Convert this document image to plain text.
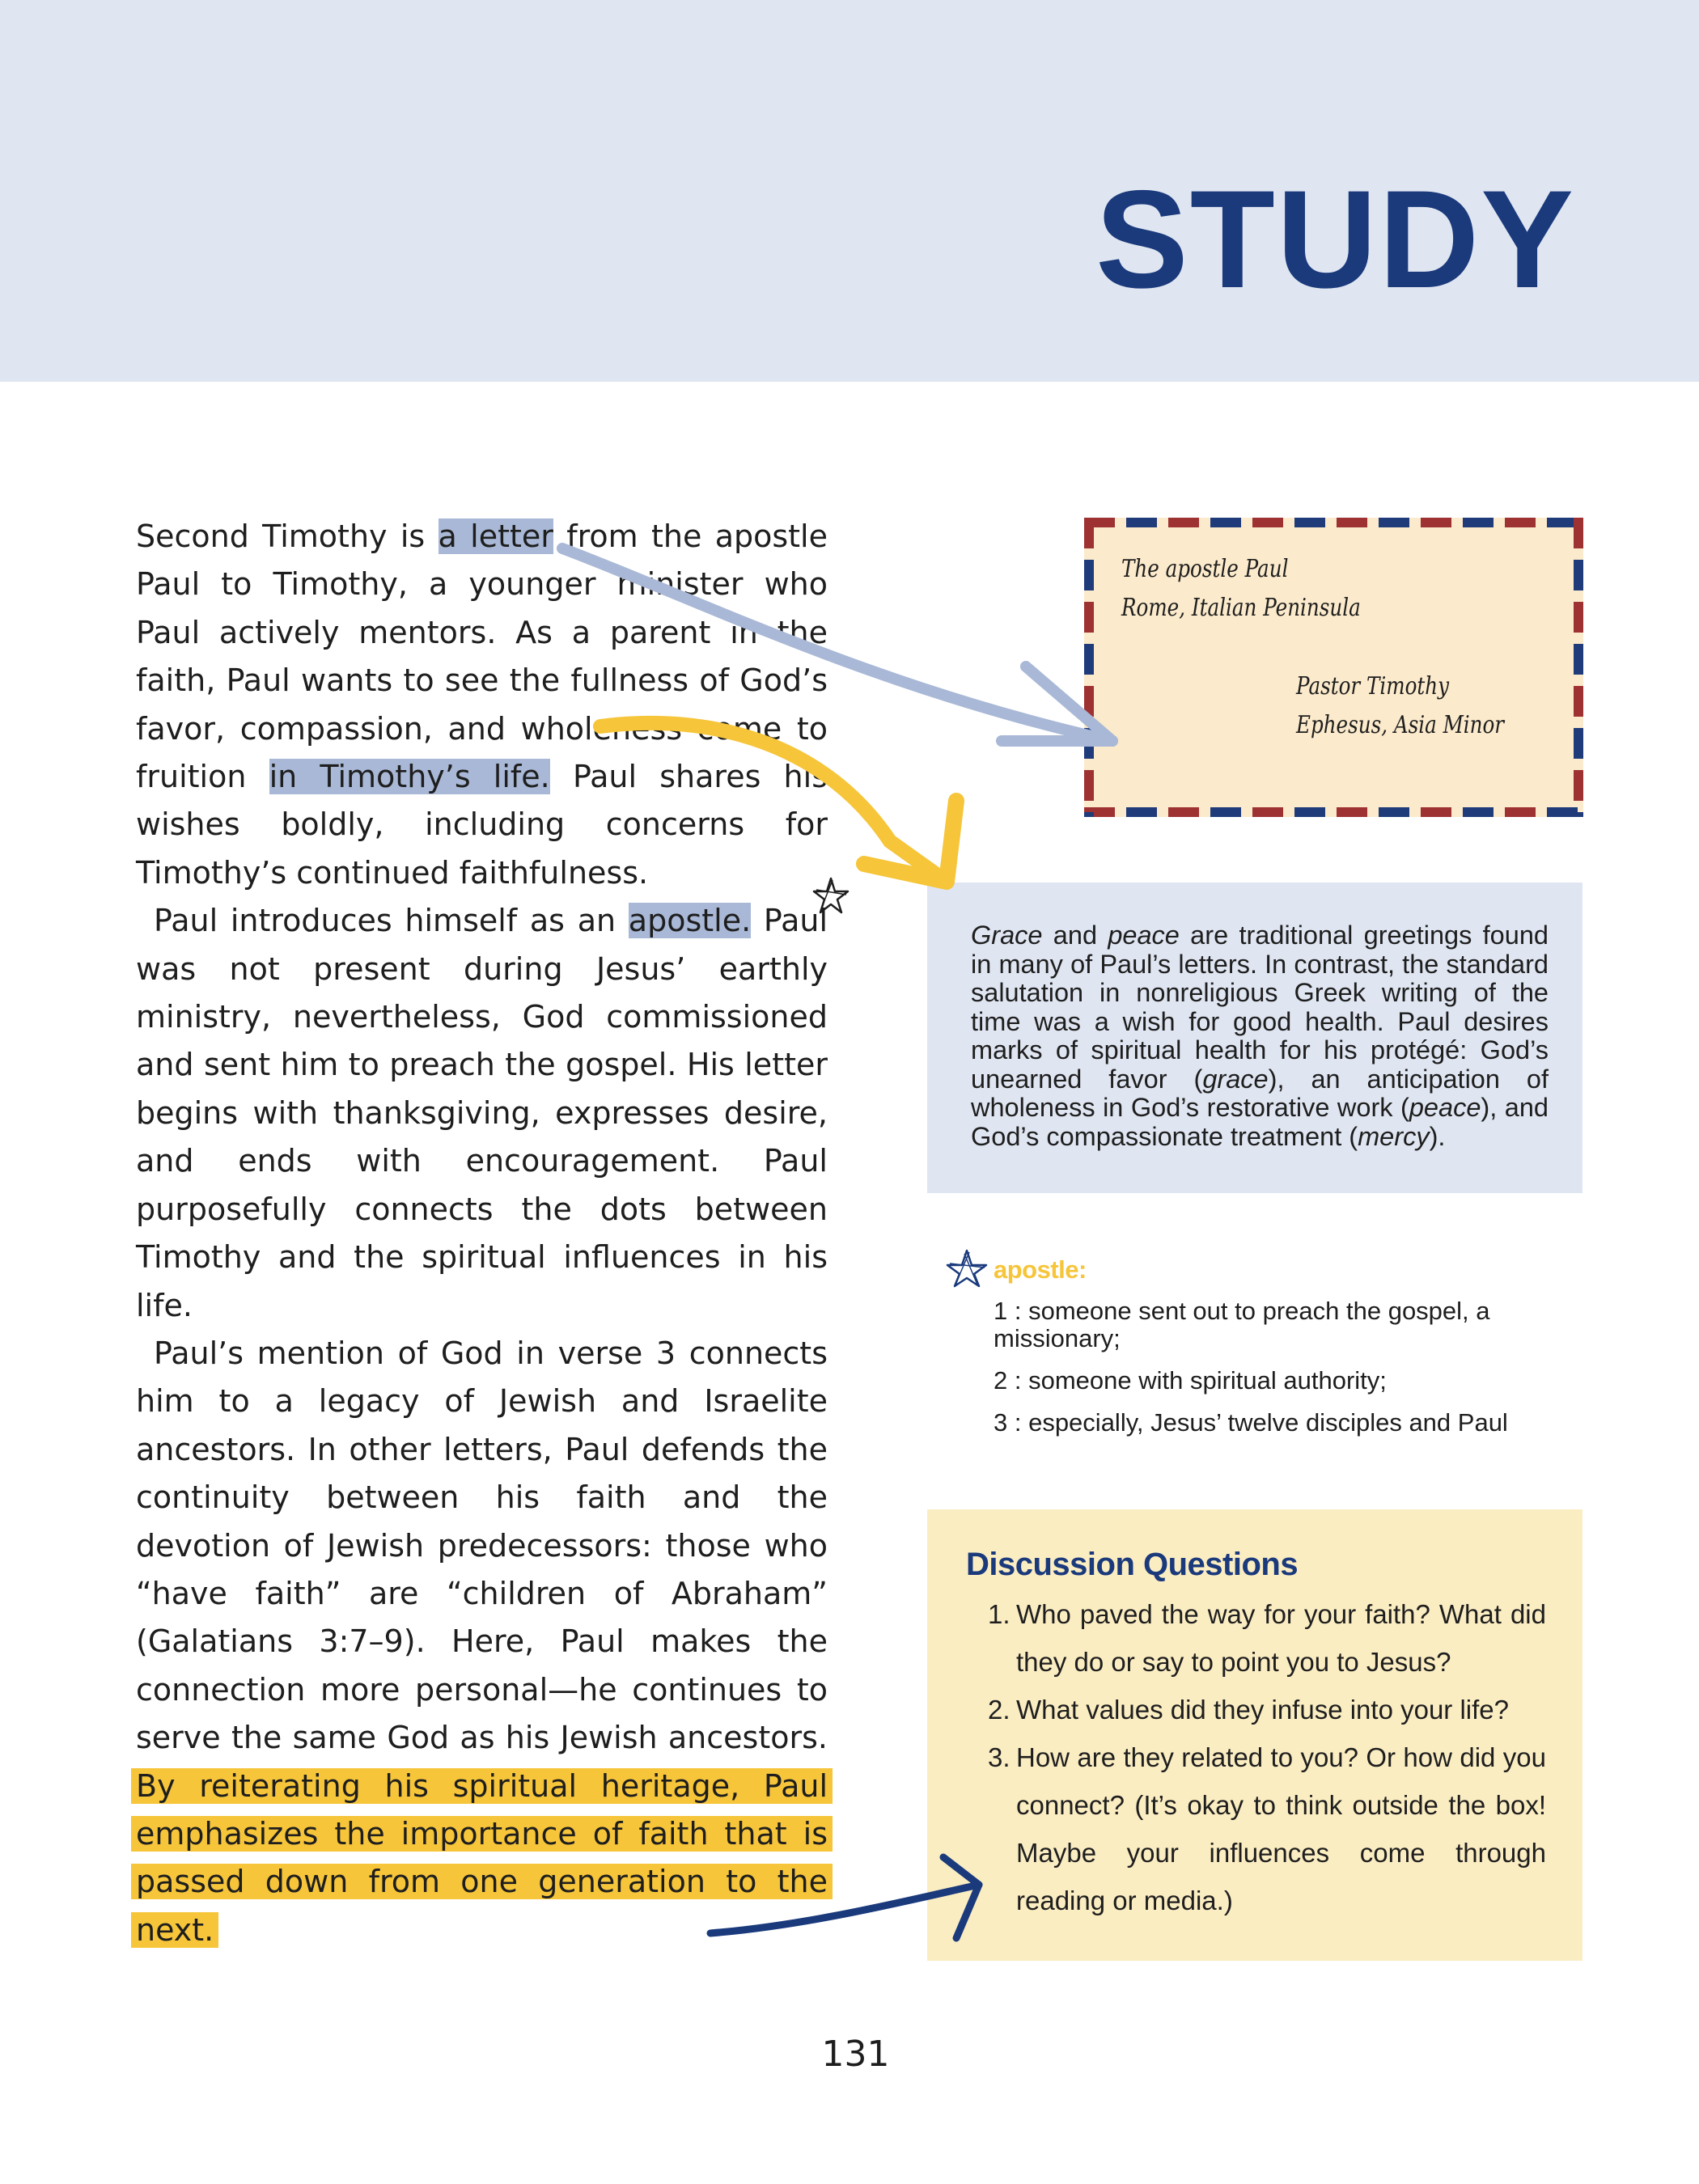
STUDY

Second Timothy is a letter from the apostle Paul to Timothy, a younger minister who Paul actively mentors. As a parent in the faith, Paul wants to see the fullness of God’s favor, compassion, and wholeness come to fruition in Timothy’s life. Paul shares his wishes boldly, including concerns for Timothy’s continued faithfulness.

Paul introduces himself as an apostle. Paul was not present during Jesus’ earthly ministry, nevertheless, God commissioned and sent him to preach the gospel. His letter begins with thanksgiving, expresses desire, and ends with encouragement. Paul purposefully connects the dots between Timothy and the spiritual influences in his life.

Paul’s mention of God in verse 3 connects him to a legacy of Jewish and Israelite ancestors. In other letters, Paul defends the continuity between his faith and the devotion of Jewish predecessors: those who “have faith” are “children of Abraham” (Galatians 3:7–9). Here, Paul makes the connection more personal—he continues to serve the same God as his Jewish ancestors. By reiterating his spiritual heritage, Paul emphasizes the importance of faith that is passed down from one generation to the next.

The apostle Paul
Rome, Italian Peninsula
Pastor Timothy
Ephesus, Asia Minor

Grace and peace are traditional greetings found in many of Paul’s letters. In contrast, the standard salutation in nonreligious Greek writing of the time was a wish for good health. Paul desires marks of spiritual health for his protégé: God’s unearned favor (grace), an anticipation of wholeness in God’s restorative work (peace), and God’s compassionate treatment (mercy).

apostle:
1 : someone sent out to preach the gospel, a missionary;
2 : someone with spiritual authority;
3 : especially, Jesus’ twelve disciples and Paul
Discussion Questions
1. Who paved the way for your faith? What did they do or say to point you to Jesus?
2. What values did they infuse into your life?
3. How are they related to you? Or how did you connect? (It’s okay to think outside the box! Maybe your influences come through reading or media.)
131
